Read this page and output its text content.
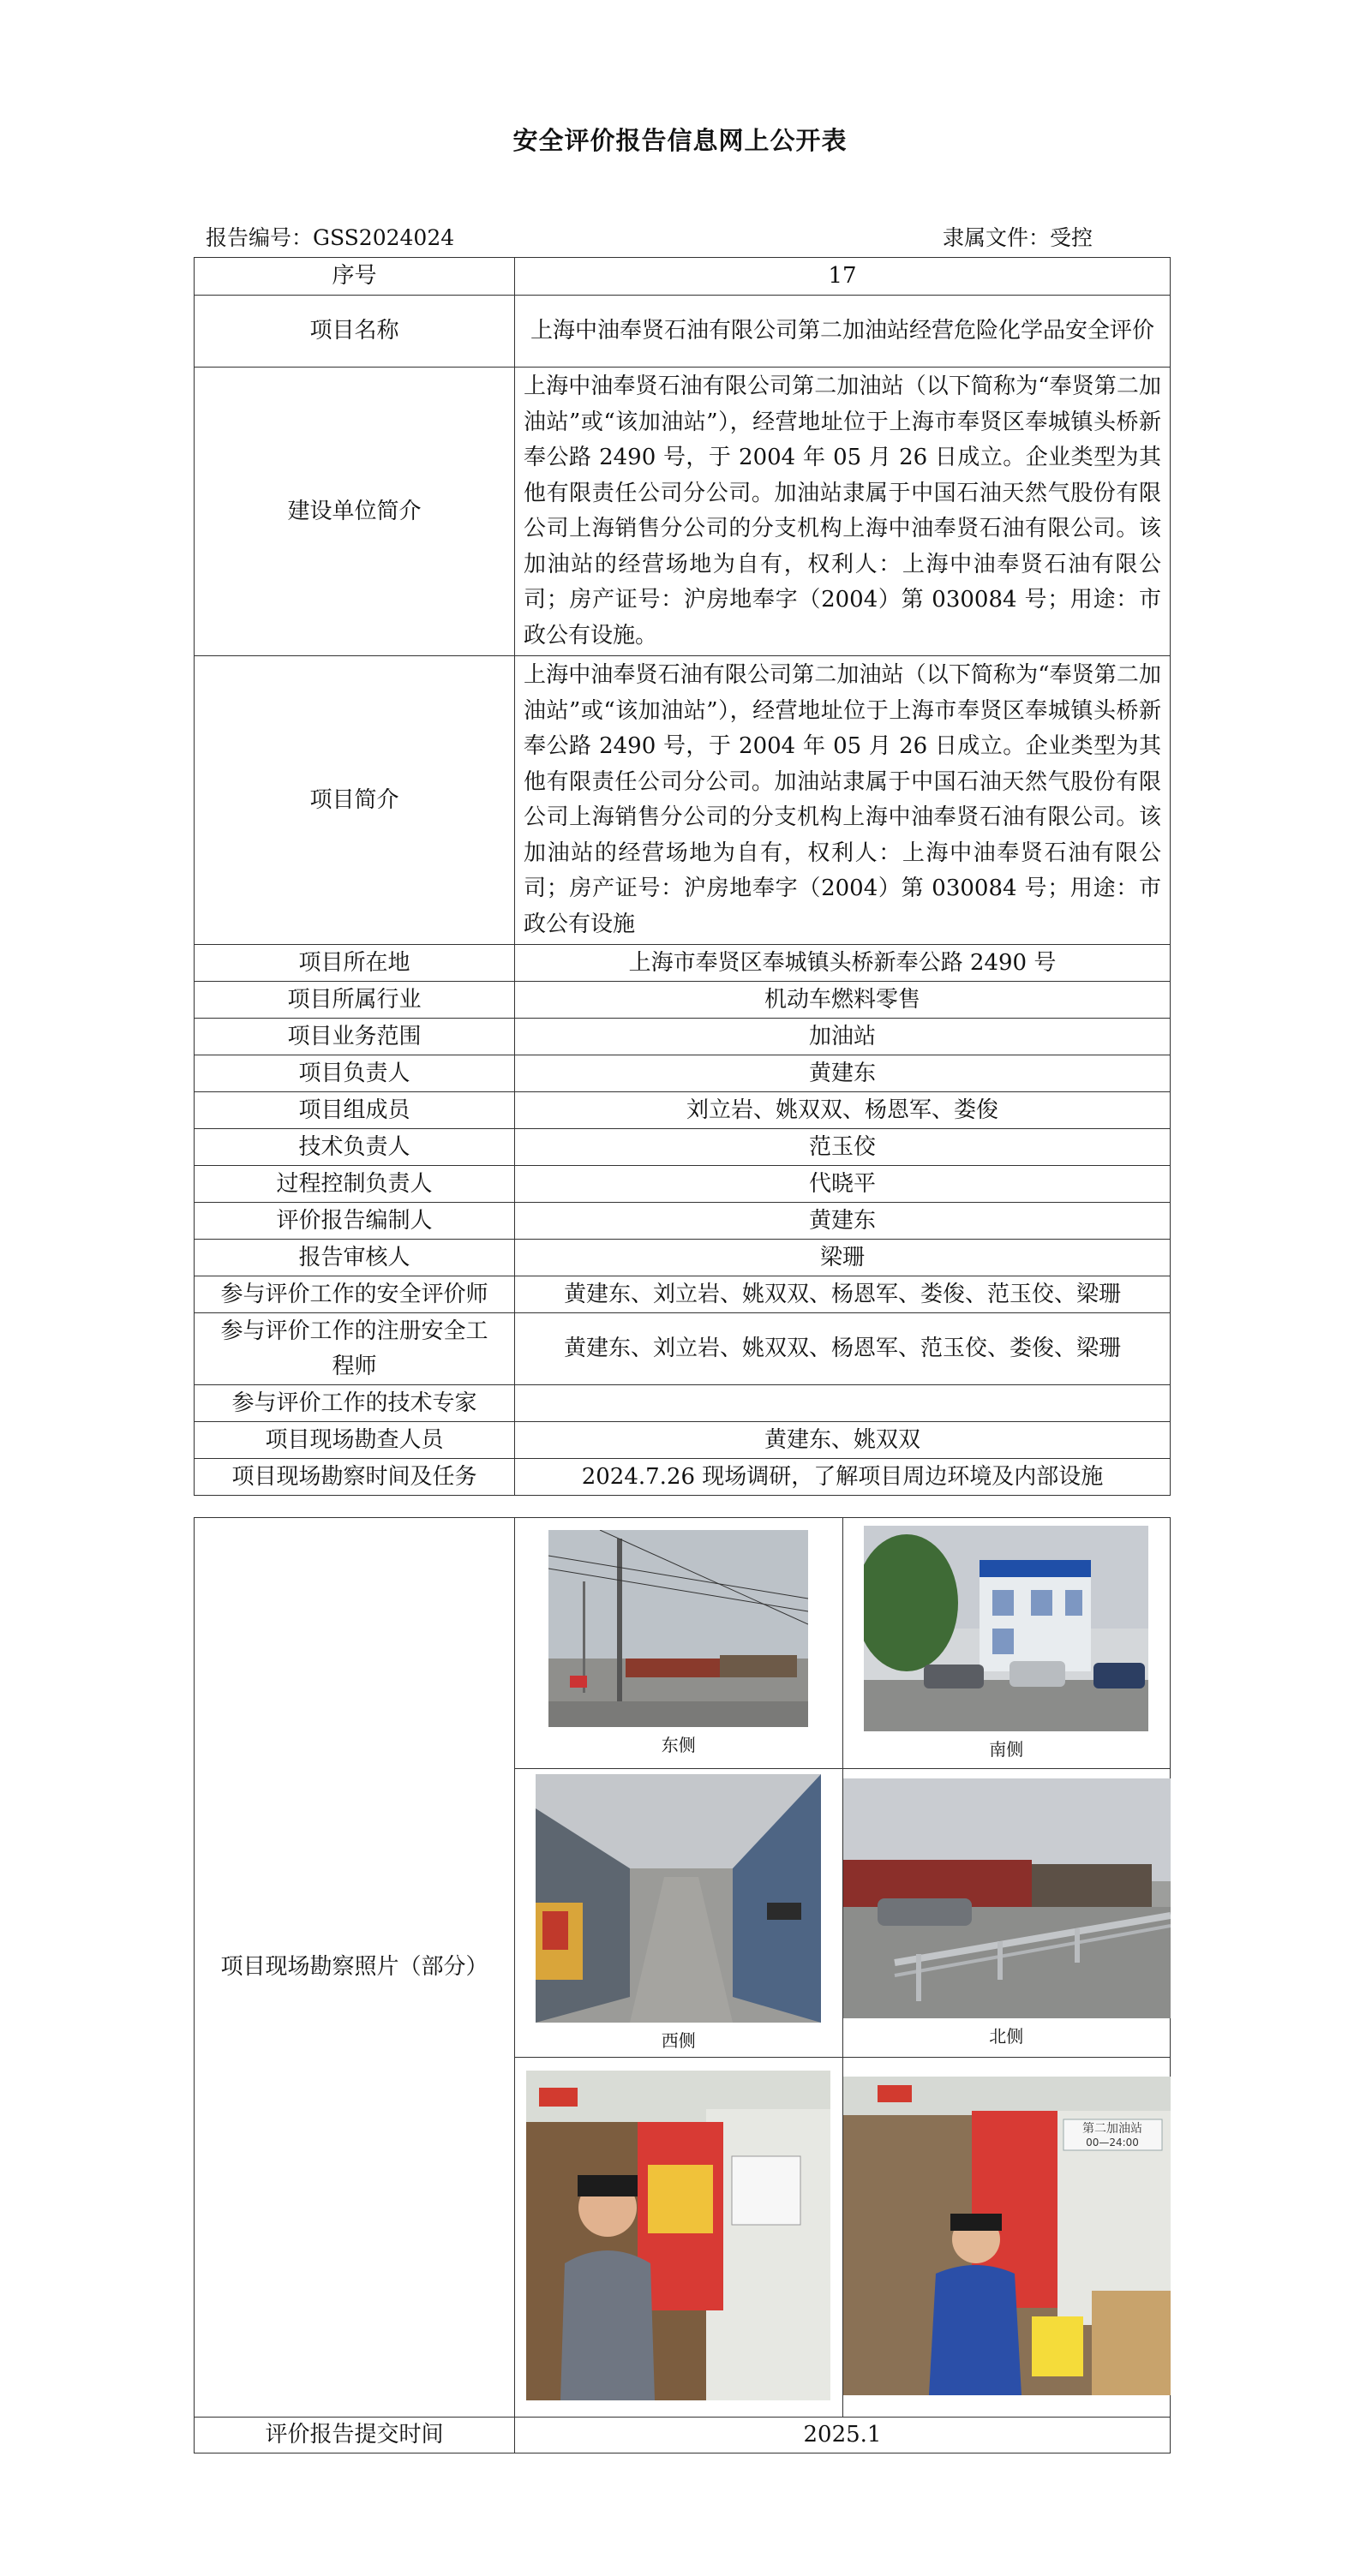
安全评价报告信息网上公开表
报告编号：GSS2024024	隶属文件：受控
序号	17
项目名称	上海中油奉贤石油有限公司第二加油站经营危险化学品安全评价
建设单位简介	上海中油奉贤石油有限公司第二加油站（以下简称为“奉贤第二加油站”或“该加油站”），经营地址位于上海市奉贤区奉城镇头桥新奉公路 2490 号，于 2004 年 05 月 26 日成立。企业类型为其他有限责任公司分公司。加油站隶属于中国石油天然气股份有限公司上海销售分公司的分支机构上海中油奉贤石油有限公司。该加油站的经营场地为自有，权利人：上海中油奉贤石油有限公司；房产证号：沪房地奉字（2004）第 030084 号；用途：市政公有设施。
项目简介	上海中油奉贤石油有限公司第二加油站（以下简称为“奉贤第二加油站”或“该加油站”），经营地址位于上海市奉贤区奉城镇头桥新奉公路 2490 号，于 2004 年 05 月 26 日成立。企业类型为其他有限责任公司分公司。加油站隶属于中国石油天然气股份有限公司上海销售分公司的分支机构上海中油奉贤石油有限公司。该加油站的经营场地为自有，权利人：上海中油奉贤石油有限公司；房产证号：沪房地奉字（2004）第 030084 号；用途：市政公有设施
项目所在地	上海市奉贤区奉城镇头桥新奉公路 2490 号
项目所属行业	机动车燃料零售
项目业务范围	加油站
项目负责人	黄建东
项目组成员	刘立岩、姚双双、杨恩军、娄俊
技术负责人	范玉佼
过程控制负责人	代晓平
评价报告编制人	黄建东
报告审核人	梁珊
参与评价工作的安全评价师	黄建东、刘立岩、姚双双、杨恩军、娄俊、范玉佼、梁珊
参与评价工作的注册安全工程师	黄建东、刘立岩、姚双双、杨恩军、范玉佼、娄俊、梁珊
参与评价工作的技术专家	
项目现场勘查人员	黄建东、姚双双
项目现场勘察时间及任务	2024.7.26 现场调研，了解项目周边环境及内部设施
项目现场勘察照片（部分）	东侧	南侧

	西侧	北侧

第二加油站
00—24:00

评价报告提交时间	2025.1	
